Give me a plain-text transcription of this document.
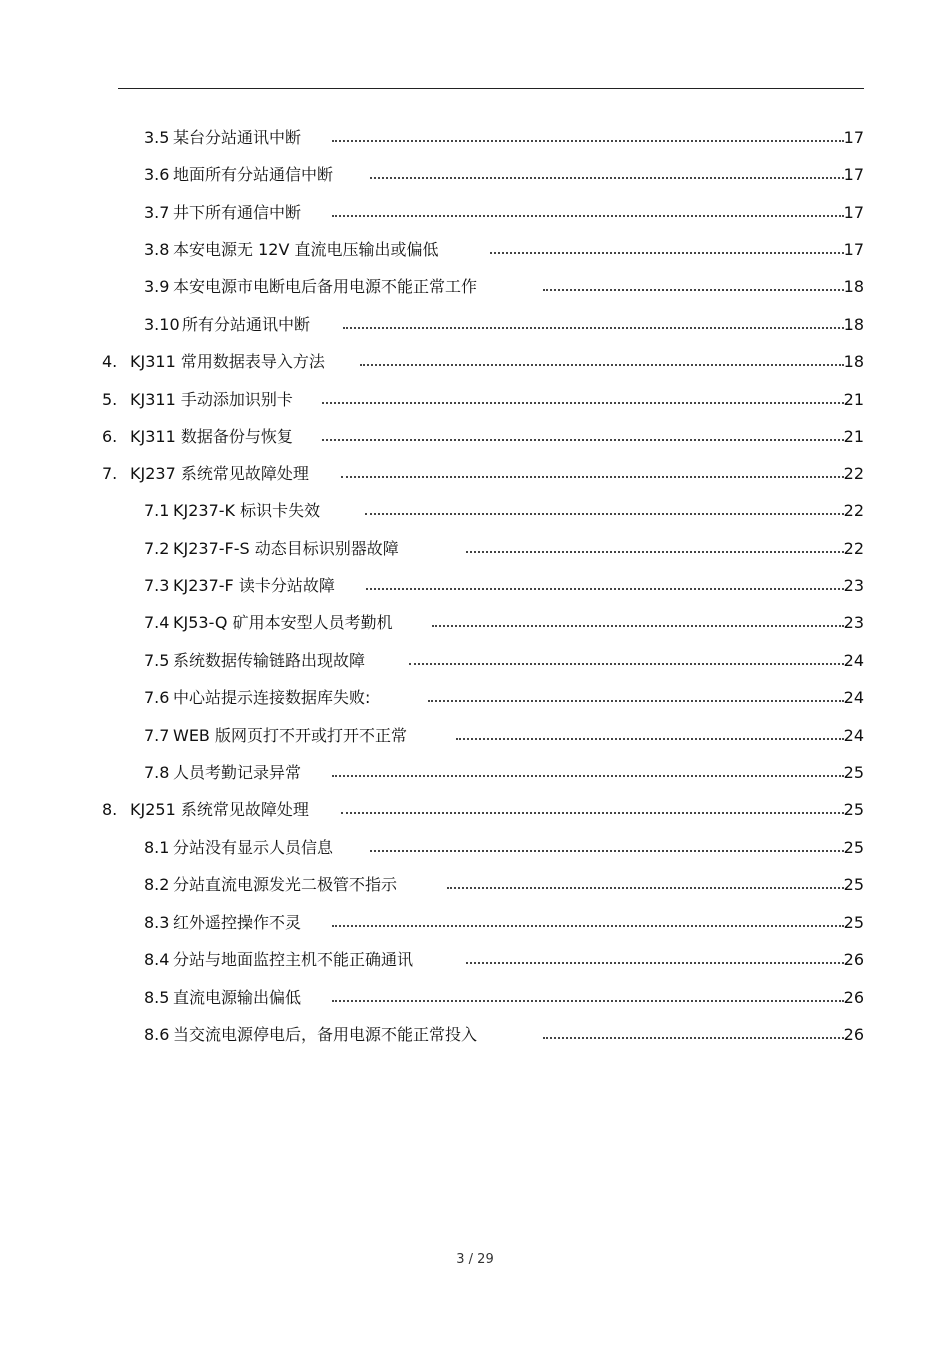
3.5 某台分站通讯中断	17
3.6 地面所有分站通信中断	17
3.7 井下所有通信中断	17
3.8 本安电源无 12V 直流电压输出或偏低	17
3.9 本安电源市电断电后备用电源不能正常工作	18
3.10 所有分站通讯中断	18
4. KJ311 常用数据表导入方法	18
5. KJ311 手动添加识别卡	21
6. KJ311 数据备份与恢复	21
7. KJ237 系统常见故障处理	22
7.1 KJ237-K 标识卡失效	22
7.2 KJ237-F-S 动态目标识别器故障	22
7.3 KJ237-F 读卡分站故障	23
7.4 KJ53-Q 矿用本安型人员考勤机	23
7.5 系统数据传输链路出现故障	24
7.6 中心站提示连接数据库失败:	24
7.7 WEB 版网页打不开或打开不正常	24
7.8 人员考勤记录异常	25
8. KJ251 系统常见故障处理	25
8.1 分站没有显示人员信息	25
8.2 分站直流电源发光二极管不指示	25
8.3 红外遥控操作不灵	25
8.4 分站与地面监控主机不能正确通讯	26
8.5 直流电源输出偏低	26
8.6 当交流电源停电后，备用电源不能正常投入	26
3 / 29
